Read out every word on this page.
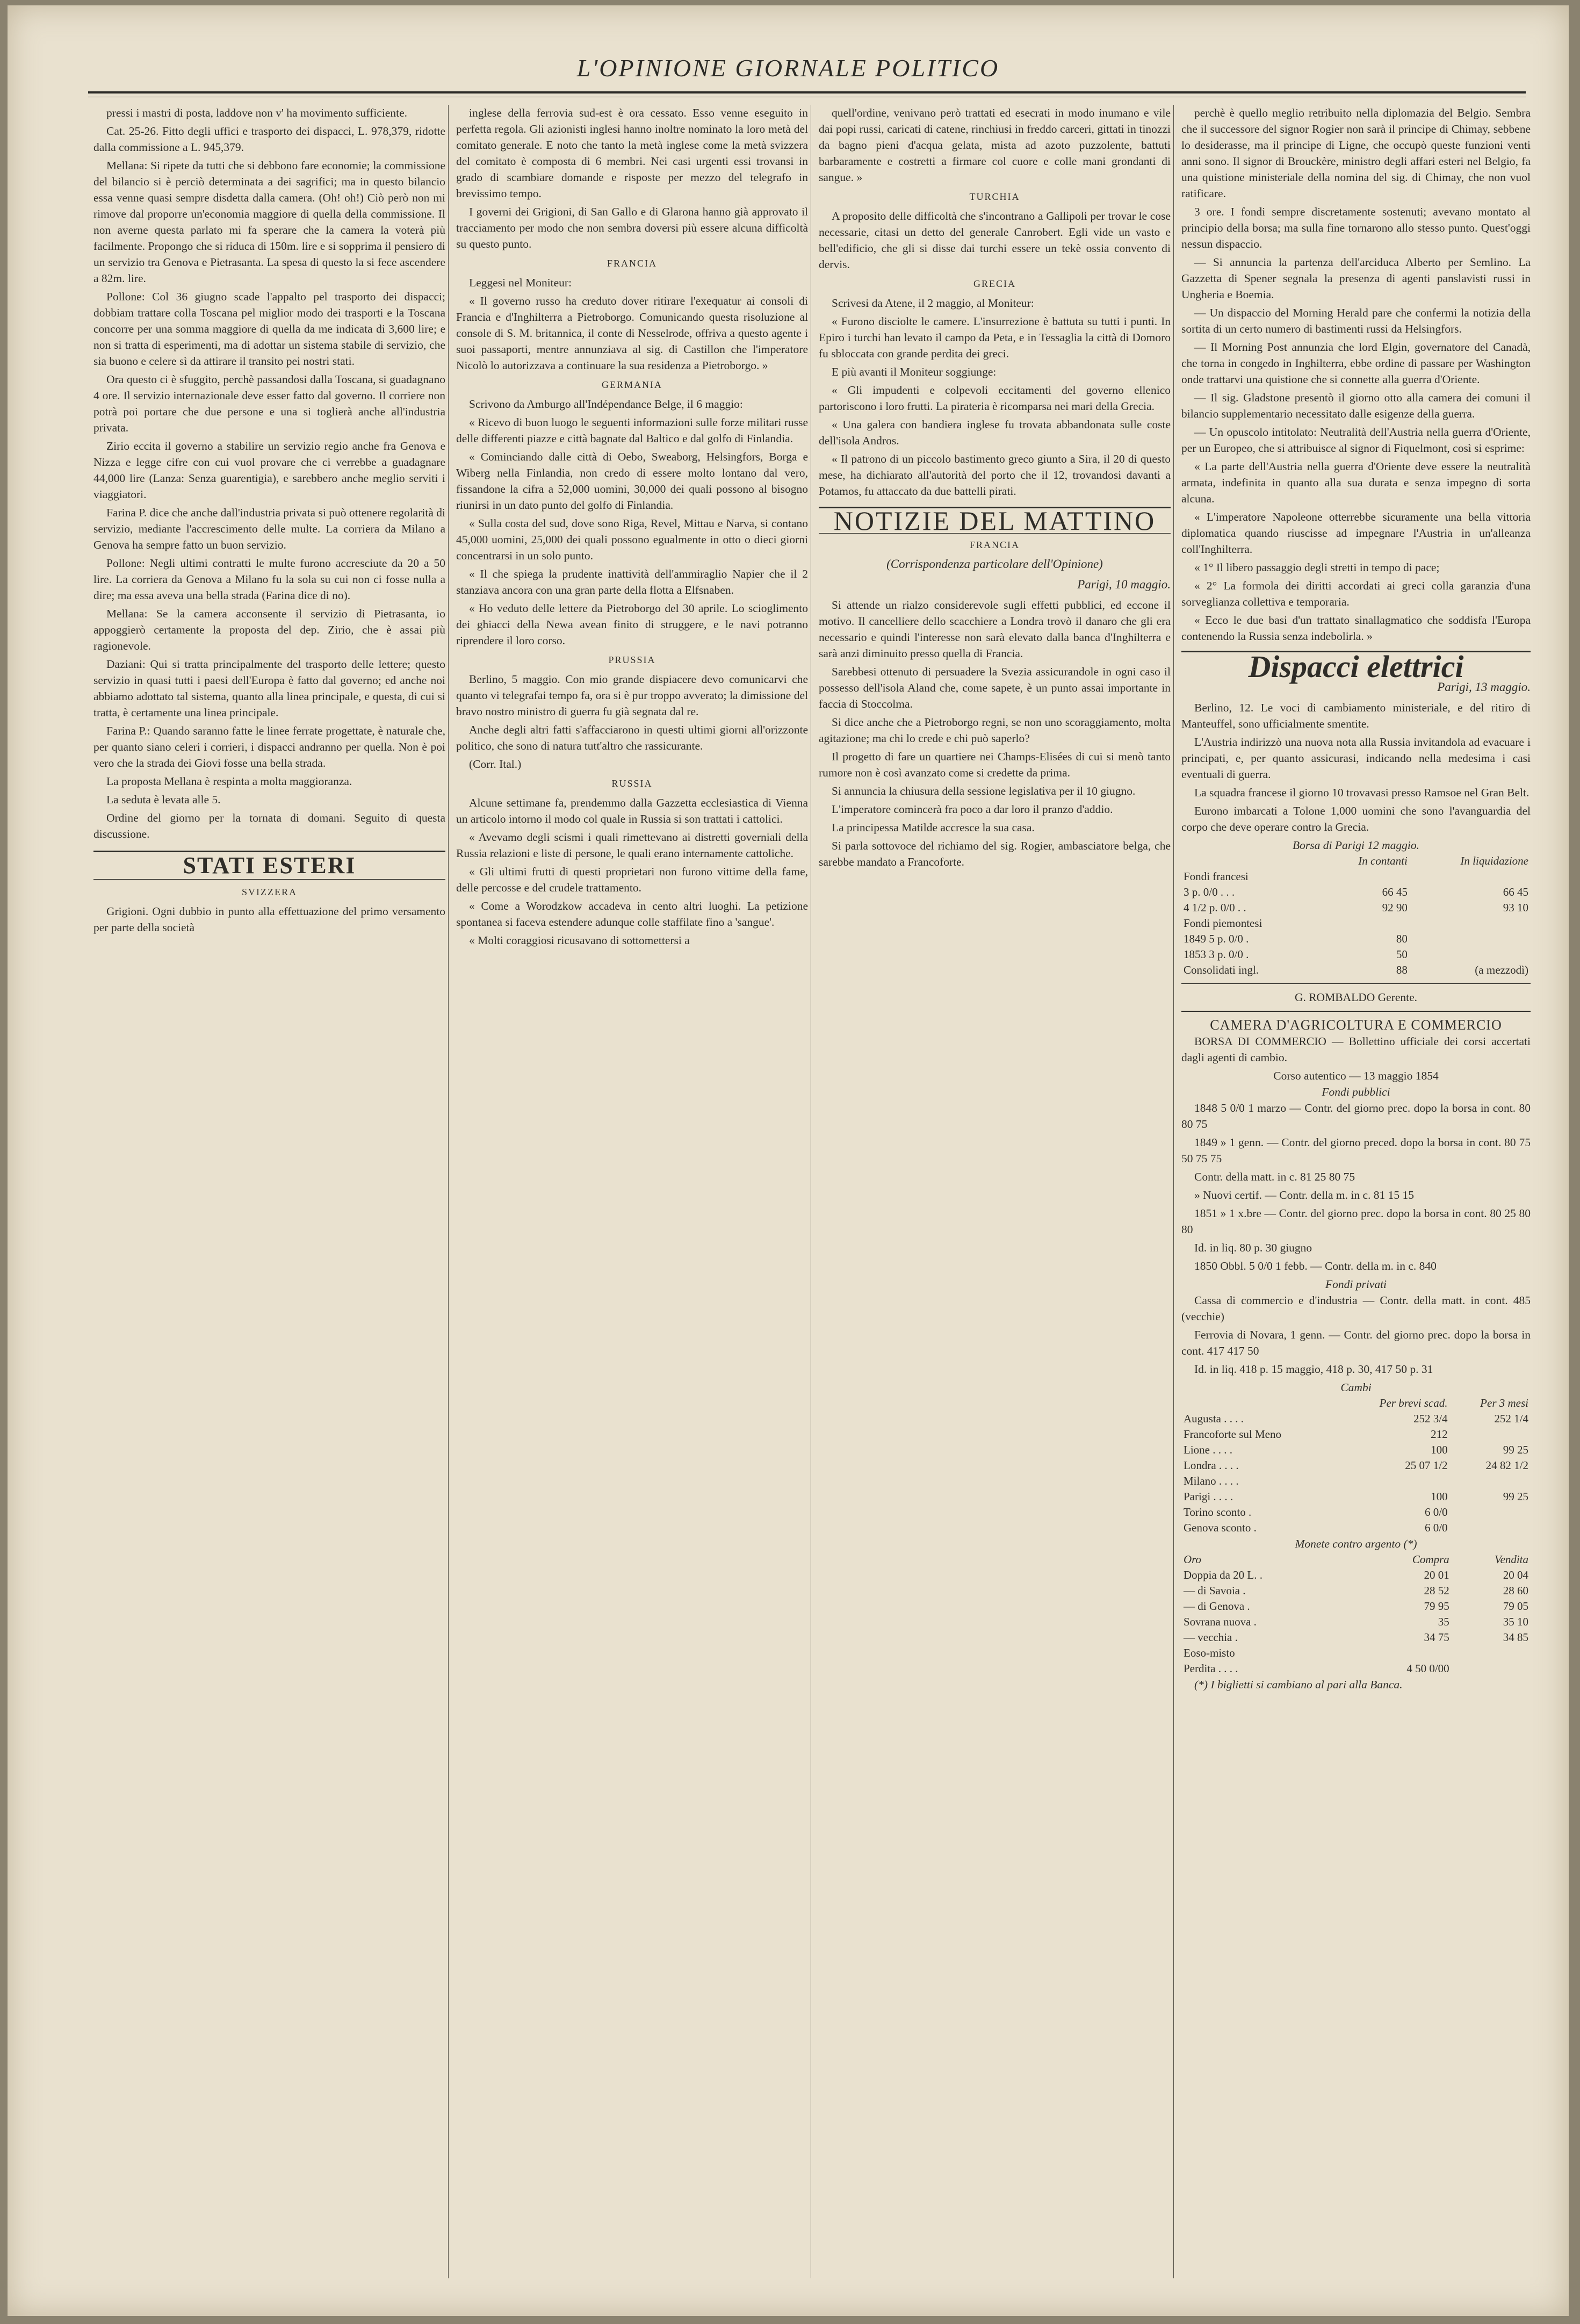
L'OPINIONE GIORNALE POLITICO

pressi i mastri di posta, laddove non v' ha movimento sufficiente.

Cat. 25-26. Fitto degli uffici e trasporto dei dispacci, L. 978,379, ridotte dalla commissione a L. 945,379.

Mellana: Si ripete da tutti che si debbono fare economie; la commissione del bilancio si è perciò determinata a dei sagrifici; ma in questo bilancio essa venne quasi sempre disdetta dalla camera. (Oh! oh!) Ciò però non mi rimove dal proporre un'economia maggiore di quella della commissione. Il non averne questa parlato mi fa sperare che la camera la voterà più facilmente. Propongo che si riduca di 150m. lire e si sopprima il pensiero di un servizio tra Genova e Pietrasanta. La spesa di questo la si fece ascendere a 82m. lire.

Pollone: Col 36 giugno scade l'appalto pel trasporto dei dispacci; dobbiam trattare colla Toscana pel miglior modo dei trasporti e la Toscana concorre per una somma maggiore di quella da me indicata di 3,600 lire; e non si tratta di esperimenti, ma di adottar un sistema stabile di servizio, che sia buono e celere sì da attirare il transito pei nostri stati.

Ora questo ci è sfuggito, perchè passandosi dalla Toscana, si guadagnano 4 ore. Il servizio internazionale deve esser fatto dal governo. Il corriere non potrà poi portare che due persone e una si toglierà anche all'industria privata.

Zirio eccita il governo a stabilire un servizio regio anche fra Genova e Nizza e legge cifre con cui vuol provare che ci verrebbe a guadagnare 44,000 lire (Lanza: Senza guarentigia), e sarebbero anche meglio serviti i viaggiatori.

Farina P. dice che anche dall'industria privata si può ottenere regolarità di servizio, mediante l'accrescimento delle multe. La corriera da Milano a Genova ha sempre fatto un buon servizio.

Pollone: Negli ultimi contratti le multe furono accresciute da 20 a 50 lire. La corriera da Genova a Milano fu la sola su cui non ci fosse nulla a dire; ma essa aveva una bella strada (Farina dice di no).

Mellana: Se la camera acconsente il servizio di Pietrasanta, io appoggierò certamente la proposta del dep. Zirio, che è assai più ragionevole.

Daziani: Qui si tratta principalmente del trasporto delle lettere; questo servizio in quasi tutti i paesi dell'Europa è fatto dal governo; ed anche noi abbiamo adottato tal sistema, quanto alla linea principale, e questa, di cui si tratta, è certamente una linea principale.

Farina P.: Quando saranno fatte le linee ferrate progettate, è naturale che, per quanto siano celeri i corrieri, i dispacci andranno per quella. Non è poi vero che la strada dei Giovi fosse una bella strada.

La proposta Mellana è respinta a molta maggioranza.

La seduta è levata alle 5.

Ordine del giorno per la tornata di domani. Seguito di questa discussione.

STATI ESTERI
SVIZZERA

Grigioni. Ogni dubbio in punto alla effettuazione del primo versamento per parte della società

inglese della ferrovia sud-est è ora cessato. Esso venne eseguito in perfetta regola. Gli azionisti inglesi hanno inoltre nominato la loro metà del comitato generale. E noto che tanto la metà inglese come la metà svizzera del comitato è composta di 6 membri. Nei casi urgenti essi trovansi in grado di scambiare domande e risposte per mezzo del telegrafo in brevissimo tempo.

I governi dei Grigioni, di San Gallo e di Glarona hanno già approvato il tracciamento per modo che non sembra doversi più essere alcuna difficoltà su questo punto.

FRANCIA

Leggesi nel Moniteur:

« Il governo russo ha creduto dover ritirare l'exequatur ai consoli di Francia e d'Inghilterra a Pietroborgo. Comunicando questa risoluzione al console di S. M. britannica, il conte di Nesselrode, offriva a questo agente i suoi passaporti, mentre annunziava al sig. di Castillon che l'imperatore Nicolò lo autorizzava a continuare la sua residenza a Pietroborgo. »

GERMANIA

Scrivono da Amburgo all'Indépendance Belge, il 6 maggio:

« Ricevo di buon luogo le seguenti informazioni sulle forze militari russe delle differenti piazze e città bagnate dal Baltico e dal golfo di Finlandia.

« Cominciando dalle città di Oebo, Sweaborg, Helsingfors, Borga e Wiberg nella Finlandia, non credo di essere molto lontano dal vero, fissandone la cifra a 52,000 uomini, 30,000 dei quali possono al bisogno riunirsi in un dato punto del golfo di Finlandia.

« Sulla costa del sud, dove sono Riga, Revel, Mittau e Narva, si contano 45,000 uomini, 25,000 dei quali possono egualmente in otto o dieci giorni concentrarsi in un solo punto.

« Il che spiega la prudente inattività dell'ammiraglio Napier che il 2 stanziava ancora con una gran parte della flotta a Elfsnaben.

« Ho veduto delle lettere da Pietroborgo del 30 aprile. Lo scioglimento dei ghiacci della Newa avean finito di struggere, e le navi potranno riprendere il loro corso.

PRUSSIA

Berlino, 5 maggio. Con mio grande dispiacere devo comunicarvi che quanto vi telegrafai tempo fa, ora si è pur troppo avverato; la dimissione del bravo nostro ministro di guerra fu già segnata dal re.

Anche degli altri fatti s'affacciarono in questi ultimi giorni all'orizzonte politico, che sono di natura tutt'altro che rassicurante.

(Corr. Ital.)

RUSSIA

Alcune settimane fa, prendemmo dalla Gazzetta ecclesiastica di Vienna un articolo intorno il modo col quale in Russia si son trattati i cattolici.

« Avevamo degli scismi i quali rimettevano ai distretti governiali della Russia relazioni e liste di persone, le quali erano internamente cattoliche.

« Gli ultimi frutti di questi proprietari non furono vittime della fame, delle percosse e del crudele trattamento.

« Come a Worodzkow accadeva in cento altri luoghi. La petizione spontanea si faceva estendere adunque colle staffilate fino a 'sangue'.

« Molti coraggiosi ricusavano di sottomettersi a

quell'ordine, venivano però trattati ed esecrati in modo inumano e vile dai popi russi, caricati di catene, rinchiusi in freddo carceri, gittati in tinozzi da bagno pieni d'acqua gelata, mista ad azoto puzzolente, battuti barbaramente e costretti a firmare col cuore e colle mani grondanti di sangue. »

TURCHIA

A proposito delle difficoltà che s'incontrano a Gallipoli per trovar le cose necessarie, citasi un detto del generale Canrobert. Egli vide un vasto e bell'edificio, che gli si disse dai turchi essere un tekè ossia convento di dervis.

GRECIA

Scrivesi da Atene, il 2 maggio, al Moniteur:

« Furono disciolte le camere. L'insurrezione è battuta su tutti i punti. In Epiro i turchi han levato il campo da Peta, e in Tessaglia la città di Domoro fu sbloccata con grande perdita dei greci.

E più avanti il Moniteur soggiunge:

« Gli impudenti e colpevoli eccitamenti del governo ellenico partoriscono i loro frutti. La pirateria è ricomparsa nei mari della Grecia.

« Una galera con bandiera inglese fu trovata abbandonata sulle coste dell'isola Andros.

« Il patrono di un piccolo bastimento greco giunto a Sira, il 20 di questo mese, ha dichiarato all'autorità del porto che il 12, trovandosi davanti a Potamos, fu attaccato da due battelli pirati.

NOTIZIE DEL MATTINO
FRANCIA
(Corrispondenza particolare dell'Opinione)
Parigi, 10 maggio.

Si attende un rialzo considerevole sugli effetti pubblici, ed eccone il motivo. Il cancelliere dello scacchiere a Londra trovò il danaro che gli era necessario e quindi l'interesse non sarà elevato dalla banca d'Inghilterra e sarà anzi diminuito presso quella di Francia.

Sarebbesi ottenuto di persuadere la Svezia assicurandole in ogni caso il possesso dell'isola Aland che, come sapete, è un punto assai importante in faccia di Stoccolma.

Si dice anche che a Pietroborgo regni, se non uno scoraggiamento, molta agitazione; ma chi lo crede e chi può saperlo?

Il progetto di fare un quartiere nei Champs-Elisées di cui si menò tanto rumore non è così avanzato come si credette da prima.

Si annuncia la chiusura della sessione legislativa per il 10 giugno.

L'imperatore comincerà fra poco a dar loro il pranzo d'addio.

La principessa Matilde accresce la sua casa.

Si parla sottovoce del richiamo del sig. Rogier, ambasciatore belga, che sarebbe mandato a Francoforte.

perchè è quello meglio retribuito nella diplomazia del Belgio. Sembra che il successore del signor Rogier non sarà il principe di Chimay, sebbene lo desiderasse, ma il principe di Ligne, che occupò queste funzioni venti anni sono. Il signor di Brouckère, ministro degli affari esteri nel Belgio, fa una quistione ministeriale della nomina del sig. di Chimay, che non vuol ratificare.

3 ore. I fondi sempre discretamente sostenuti; avevano montato al principio della borsa; ma sulla fine tornarono allo stesso punto. Quest'oggi nessun dispaccio.

— Si annuncia la partenza dell'arciduca Alberto per Semlino. La Gazzetta di Spener segnala la presenza di agenti panslavisti russi in Ungheria e Boemia.

— Un dispaccio del Morning Herald pare che confermi la notizia della sortita di un certo numero di bastimenti russi da Helsingfors.

— Il Morning Post annunzia che lord Elgin, governatore del Canadà, che torna in congedo in Inghilterra, ebbe ordine di passare per Washington onde trattarvi una quistione che si connette alla guerra d'Oriente.

— Il sig. Gladstone presentò il giorno otto alla camera dei comuni il bilancio supplementario necessitato dalle esigenze della guerra.

— Un opuscolo intitolato: Neutralità dell'Austria nella guerra d'Oriente, per un Europeo, che si attribuisce al signor di Fiquelmont, così si esprime:

« La parte dell'Austria nella guerra d'Oriente deve essere la neutralità armata, indefinita in quanto alla sua durata e senza impegno di sorta alcuna.

« L'imperatore Napoleone otterrebbe sicuramente una bella vittoria diplomatica quando riuscisse ad impegnare l'Austria in un'alleanza coll'Inghilterra.

« 1° Il libero passaggio degli stretti in tempo di pace;

« 2° La formola dei diritti accordati ai greci colla garanzia d'una sorveglianza collettiva e temporaria.

« Ecco le due basi d'un trattato sinallagmatico che soddisfa l'Europa contenendo la Russia senza indebolirla. »

Dispacci elettrici
Parigi, 13 maggio.

Berlino, 12. Le voci di cambiamento ministeriale, e del ritiro di Manteuffel, sono ufficialmente smentite.

L'Austria indirizzò una nuova nota alla Russia invitandola ad evacuare i principati, e, per quanto assicurasi, indicando nella medesima i casi eventuali di guerra.

La squadra francese il giorno 10 trovavasi presso Ramsoe nel Gran Belt.

Eurono imbarcati a Tolone 1,000 uomini che sono l'avanguardia del corpo che deve operare contro la Grecia.

Borsa di Parigi 12 maggio.
	In contanti	In liquidazione
Fondi francesi		
3 p. 0/0 . . .	66 45	66 45
4 1/2 p. 0/0 . .	92 90	93 10
Fondi piemontesi		
1849 5 p. 0/0 .	80	
1853 3 p. 0/0 .	50	
Consolidati ingl.	88	(a mezzodì)
G. ROMBALDO Gerente.
CAMERA D'AGRICOLTURA E COMMERCIO

BORSA DI COMMERCIO — Bollettino ufficiale dei corsi accertati dagli agenti di cambio.

Corso autentico — 13 maggio 1854
Fondi pubblici

1848 5 0/0 1 marzo — Contr. del giorno prec. dopo la borsa in cont. 80 80 75

1849 » 1 genn. — Contr. del giorno preced. dopo la borsa in cont. 80 75 50 75 75

Contr. della matt. in c. 81 25 80 75

» Nuovi certif. — Contr. della m. in c. 81 15 15

1851 » 1 x.bre — Contr. del giorno prec. dopo la borsa in cont. 80 25 80 80

Id. in liq. 80 p. 30 giugno

1850 Obbl. 5 0/0 1 febb. — Contr. della m. in c. 840

Fondi privati

Cassa di commercio e d'industria — Contr. della matt. in cont. 485 (vecchie)

Ferrovia di Novara, 1 genn. — Contr. del giorno prec. dopo la borsa in cont. 417 417 50

Id. in liq. 418 p. 15 maggio, 418 p. 30, 417 50 p. 31

Cambi
	Per brevi scad.	Per 3 mesi
Augusta . . . .	252 3/4	252 1/4
Francoforte sul Meno	212	
Lione . . . .	100	99 25
Londra . . . .	25 07 1/2	24 82 1/2
Milano . . . .		
Parigi . . . .	100	99 25
Torino sconto .	6 0/0	
Genova sconto .	6 0/0	
Monete contro argento (*)
Oro	Compra	Vendita
Doppia da 20 L. .	20 01	20 04
— di Savoia .	28 52	28 60
— di Genova .	79 95	79 05
Sovrana nuova .	35	35 10
— vecchia .	34 75	34 85
Eoso-misto		
Perdita . . . .	4 50 0/00	

(*) I biglietti si cambiano al pari alla Banca.
